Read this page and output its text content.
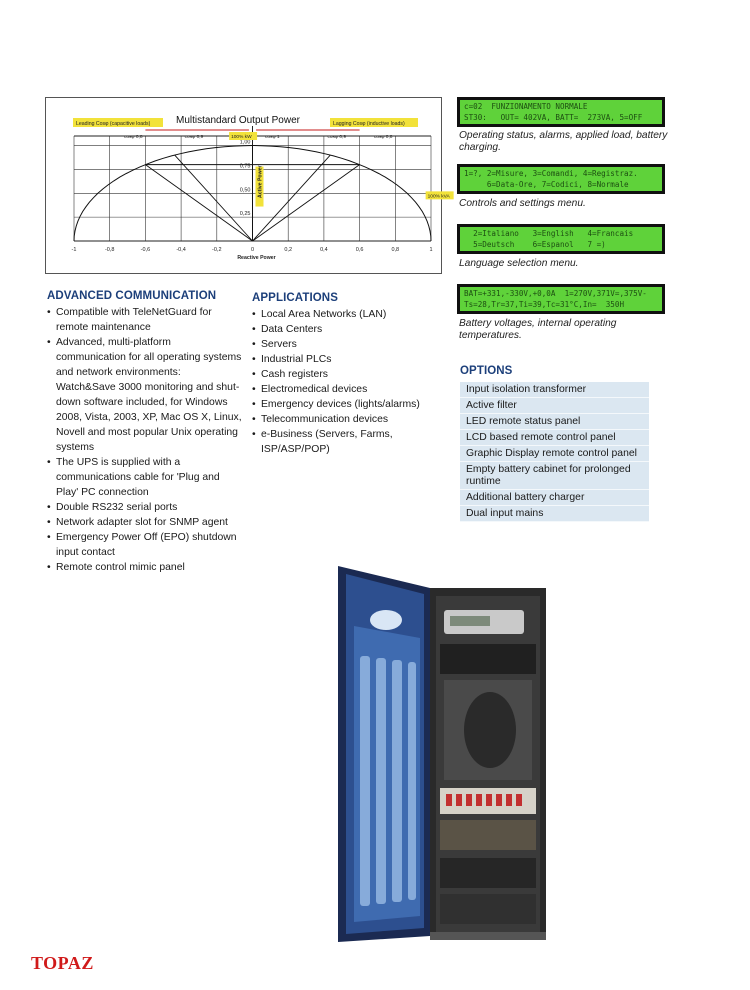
-1	-0,8	-0,6	-0,4	-0,2	0	0,2	0,4	0,6	0,8	1
0,25
0,50
0,75
1,00
Multistandard Output Power
Leading Cosφ (capacitive loads)	Lagging Cosφ (inductive loads)
cosφ 0,8	cosφ 0,9	100% kW	cosφ 1	cosφ 0,9	cosφ 0,8
100% kVA
Reactive Power
Active Power
ADVANCED COMMUNICATION
• Compatible with TeleNetGuard for remote maintenance
• Advanced, multi-platform communication for all operating systems and network environments: Watch&Save 3000 monitoring and shut-down software included, for Windows 2008, Vista, 2003, XP, Mac OS X, Linux, Novell and most popular Unix operating systems
• The UPS is supplied with a communications cable for 'Plug and Play' PC connection
• Double RS232 serial ports
• Network adapter slot for SNMP agent
• Emergency Power Off (EPO) shutdown input contact
• Remote control mimic panel
APPLICATIONS
• Local Area Networks (LAN)
• Data Centers
• Servers
• Industrial PLCs
• Cash registers
• Electromedical devices
• Emergency devices (lights/alarms)
• Telecommunication devices
• e-Business (Servers, Farms, ISP/ASP/POP)
c=02  FUNZIONAMENTO NORMALE
ST30:   OUT= 402VA, BATT=  273VA, 5=OFF
Operating status, alarms, applied load, battery charging.
1=?, 2=Misure, 3=Comandi, 4=Registraz.
6=Data-Ore, 7=Codici, 8=Normale
Controls and settings menu.
2=Italiano   3=English   4=Francais
5=Deutsch    6=Espanol   7 =)
Language selection menu.
BAT=+331,-330V,+0,0A  1=270V,371V=,375V-
Ts=28,Tr=37,Ti=39,Tc=31°C,In=  350H
Battery voltages, internal operating temperatures.
OPTIONS
Input isolation transformer
Active filter
LED remote status panel
LCD based remote control panel
Graphic Display remote control panel
Empty battery cabinet for prolonged runtime
Additional battery charger
Dual input mains
TOPAZ
